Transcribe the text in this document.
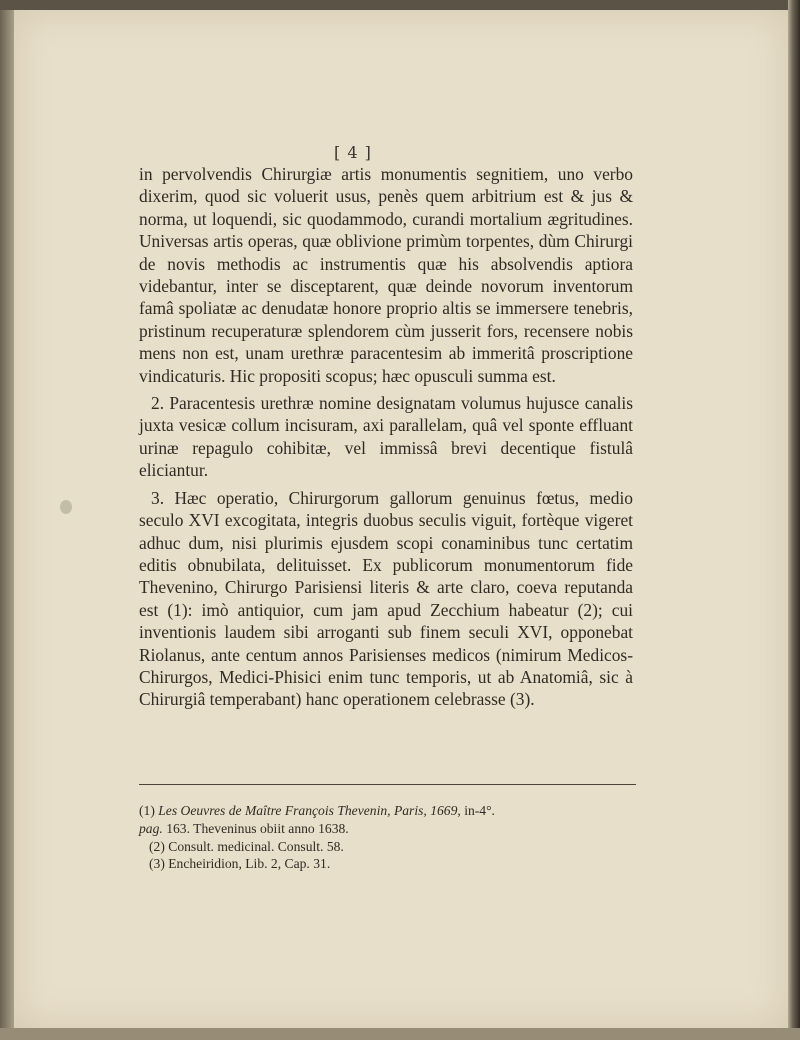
[ 4 ]

in pervolvendis Chirurgiæ artis monumentis segnitiem, uno verbo dixerim, quod sic voluerit usus, penès quem arbitrium est & jus & norma, ut loquendi, sic quodammodo, curandi mortalium ægritudines. Universas artis operas, quæ oblivione primùm torpentes, dùm Chirurgi de novis methodis ac instrumentis quæ his absolvendis aptiora videbantur, inter se disceptarent, quæ deinde novorum inventorum famâ spoliatæ ac denudatæ honore proprio altis se immersere tenebris, pristinum recuperaturæ splendorem cùm jusserit fors, recensere nobis mens non est, unam urethræ paracentesim ab immeritâ proscriptione vindicaturis. Hic propositi scopus; hæc opusculi summa est.

2. Paracentesis urethræ nomine designatam volumus hujusce canalis juxta vesicæ collum incisuram, axi parallelam, quâ vel sponte effluant urinæ repagulo cohibitæ, vel immissâ brevi decentique fistulâ eliciantur.

3. Hæc operatio, Chirurgorum gallorum genuinus fœtus, medio seculo XVI excogitata, integris duobus seculis viguit, fortèque vigeret adhuc dum, nisi plurimis ejusdem scopi conaminibus tunc certatim editis obnubilata, delituisset. Ex publicorum monumentorum fide Thevenino, Chirurgo Parisiensi literis & arte claro, coeva reputanda est (1): imò antiquior, cum jam apud Zecchium habeatur (2); cui inventionis laudem sibi arroganti sub finem seculi XVI, opponebat Riolanus, ante centum annos Parisienses medicos (nimirum Medicos-Chirurgos, Medici-Phisici enim tunc temporis, ut ab Anatomiâ, sic à Chirurgiâ temperabant) hanc operationem celebrasse (3).

(1) Les Oeuvres de Maître François Thevenin, Paris, 1669, in-4°.

pag. 163. Theveninus obiit anno 1638.

(2) Consult. medicinal. Consult. 58.

(3) Encheiridion, Lib. 2, Cap. 31.
